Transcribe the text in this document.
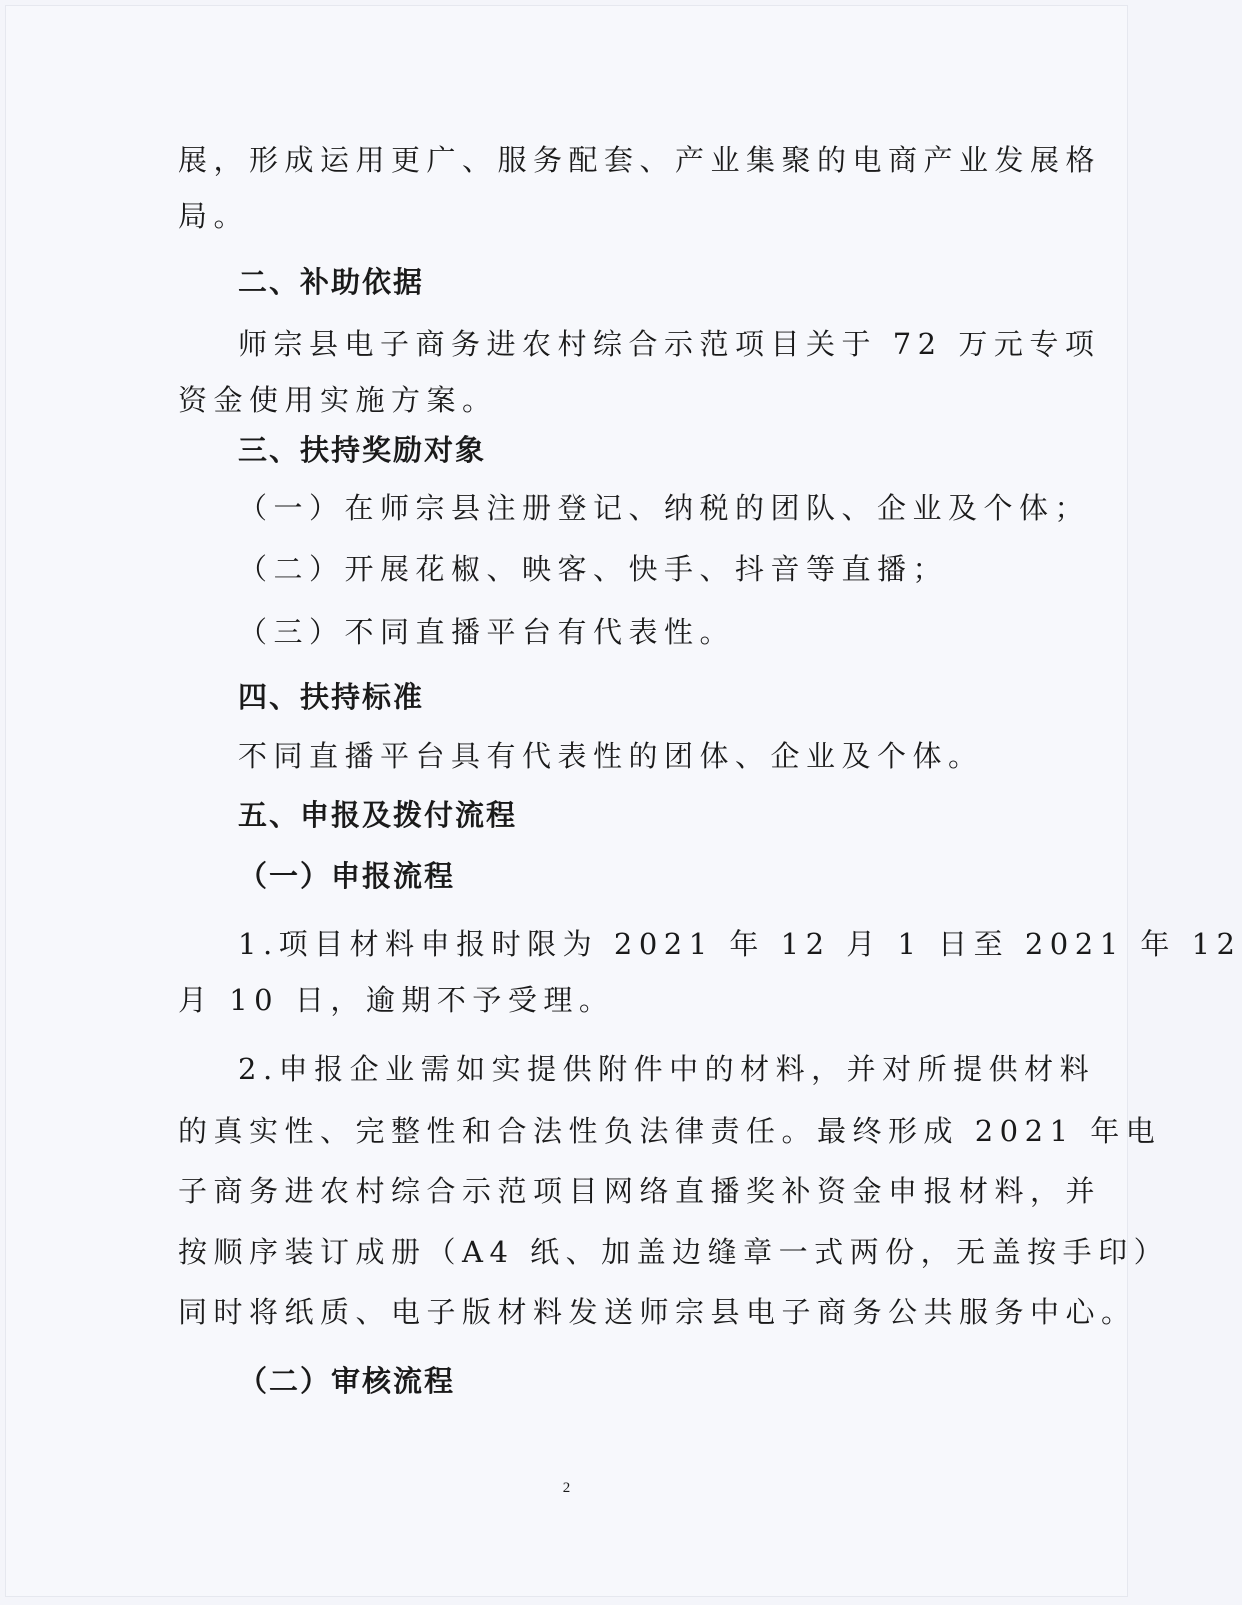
展，形成运用更广、服务配套、产业集聚的电商产业发展格
局。
二、补助依据
师宗县电子商务进农村综合示范项目关于 72 万元专项
资金使用实施方案。
三、扶持奖励对象
（一）在师宗县注册登记、纳税的团队、企业及个体；
（二）开展花椒、映客、快手、抖音等直播；
（三）不同直播平台有代表性。
四、扶持标准
不同直播平台具有代表性的团体、企业及个体。
五、申报及拨付流程
（一）申报流程
1.项目材料申报时限为 2021 年 12 月 1 日至 2021 年 12
月 10 日，逾期不予受理。
2.申报企业需如实提供附件中的材料，并对所提供材料
的真实性、完整性和合法性负法律责任。最终形成 2021 年电
子商务进农村综合示范项目网络直播奖补资金申报材料，并
按顺序装订成册（A4 纸、加盖边缝章一式两份，无盖按手印）
同时将纸质、电子版材料发送师宗县电子商务公共服务中心。
（二）审核流程
2
